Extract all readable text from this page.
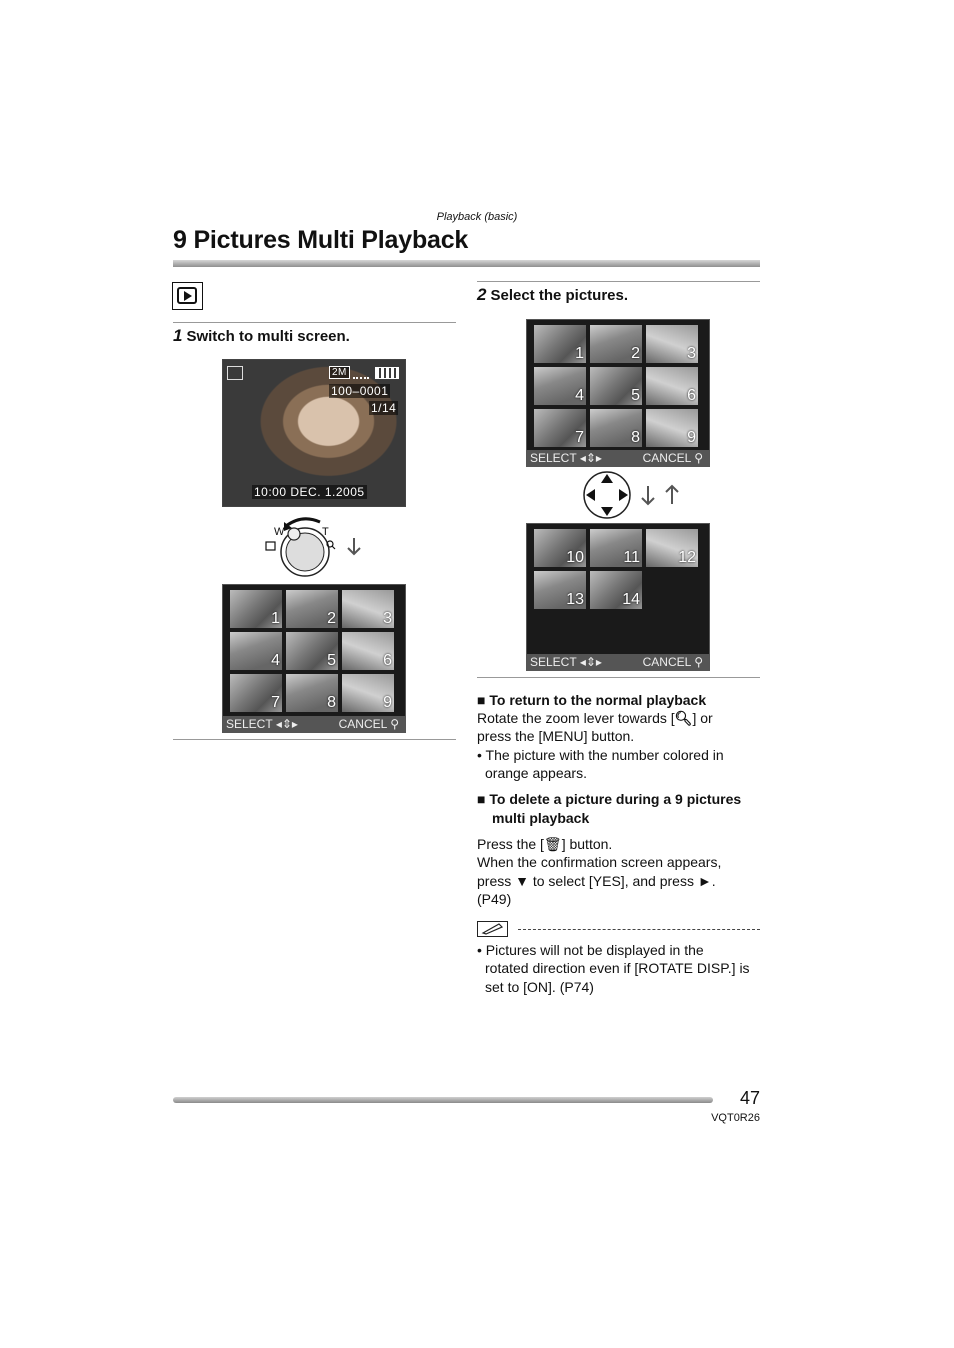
Playback (basic)
9 Pictures Multi Playback
1 Switch to multi screen.
2M
100–0001
1/14
10:00 DEC. 1.2005
W	T
1	2	3
4	5	6
7	8	9
SELECT ◂⇕▸	CANCEL ⚲
2 Select the pictures.
1	2	3
4	5	6
7	8	9
SELECT ◂⇕▸	CANCEL ⚲
10 11 12
13 14
SELECT ◂⇕▸	CANCEL ⚲
■ To return to the normal playback
Rotate the zoom lever towards [🔍︎] or
press the [MENU] button.
• The picture with the number colored in
orange appears.
■ To delete a picture during a 9 pictures
multi playback
Press the [🗑︎] button.
When the confirmation screen appears,
press ▼ to select [YES], and press ►.
(P49)
• Pictures will not be displayed in the
rotated direction even if [ROTATE DISP.] is
set to [ON]. (P74)
47
VQT0R26
